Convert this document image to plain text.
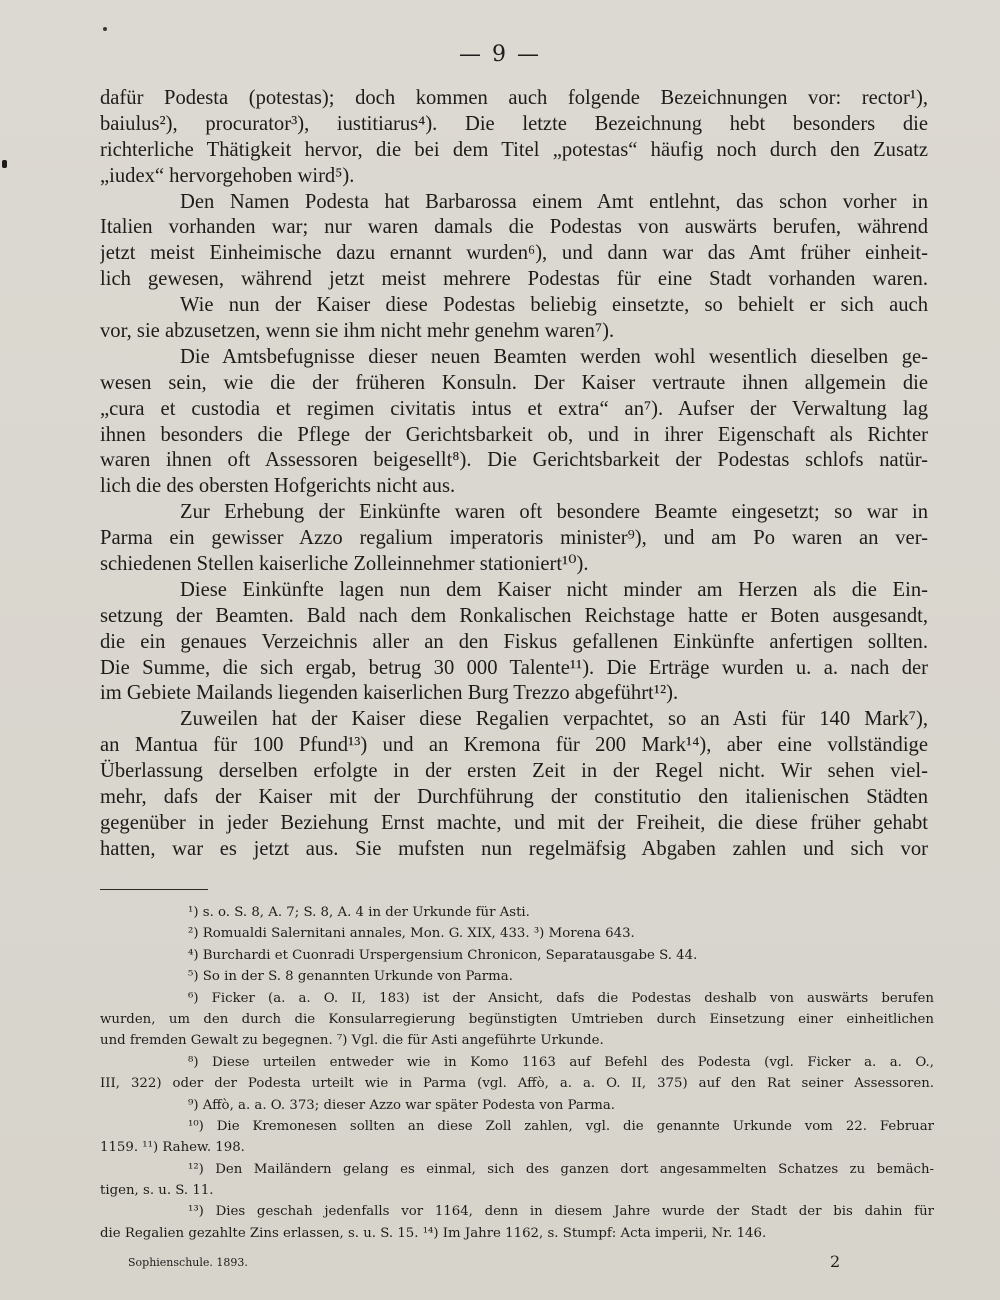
— 9 —
dafür Podesta (potestas); doch kommen auch folgende Bezeichnungen vor: rector¹),
baiulus²), procurator³), iustitiarus⁴). Die letzte Bezeichnung hebt besonders die
richterliche Thätigkeit hervor, die bei dem Titel „potestas“ häufig noch durch den Zusatz
„iudex“ hervorgehoben wird⁵).
Den Namen Podesta hat Barbarossa einem Amt entlehnt, das schon vorher in
Italien vorhanden war; nur waren damals die Podestas von auswärts berufen, während
jetzt meist Einheimische dazu ernannt wurden⁶), und dann war das Amt früher einheit-
lich gewesen, während jetzt meist mehrere Podestas für eine Stadt vorhanden waren.
Wie nun der Kaiser diese Podestas beliebig einsetzte, so behielt er sich auch
vor, sie abzusetzen, wenn sie ihm nicht mehr genehm waren⁷).
Die Amtsbefugnisse dieser neuen Beamten werden wohl wesentlich dieselben ge-
wesen sein, wie die der früheren Konsuln. Der Kaiser vertraute ihnen allgemein die
„cura et custodia et regimen civitatis intus et extra“ an⁷). Aufser der Verwaltung lag
ihnen besonders die Pflege der Gerichtsbarkeit ob, und in ihrer Eigenschaft als Richter
waren ihnen oft Assessoren beigesellt⁸). Die Gerichtsbarkeit der Podestas schlofs natür-
lich die des obersten Hofgerichts nicht aus.
Zur Erhebung der Einkünfte waren oft besondere Beamte eingesetzt; so war in
Parma ein gewisser Azzo regalium imperatoris minister⁹), und am Po waren an ver-
schiedenen Stellen kaiserliche Zolleinnehmer stationiert¹⁰).
Diese Einkünfte lagen nun dem Kaiser nicht minder am Herzen als die Ein-
setzung der Beamten. Bald nach dem Ronkalischen Reichstage hatte er Boten ausgesandt,
die ein genaues Verzeichnis aller an den Fiskus gefallenen Einkünfte anfertigen sollten.
Die Summe, die sich ergab, betrug 30 000 Talente¹¹). Die Erträge wurden u. a. nach der
im Gebiete Mailands liegenden kaiserlichen Burg Trezzo abgeführt¹²).
Zuweilen hat der Kaiser diese Regalien verpachtet, so an Asti für 140 Mark⁷),
an Mantua für 100 Pfund¹³) und an Kremona für 200 Mark¹⁴), aber eine vollständige
Überlassung derselben erfolgte in der ersten Zeit in der Regel nicht. Wir sehen viel-
mehr, dafs der Kaiser mit der Durchführung der constitutio den italienischen Städten
gegenüber in jeder Beziehung Ernst machte, und mit der Freiheit, die diese früher gehabt
hatten, war es jetzt aus. Sie mufsten nun regelmäfsig Abgaben zahlen und sich vor
¹) s. o. S. 8, A. 7; S. 8, A. 4 in der Urkunde für Asti.
²) Romualdi Salernitani annales, Mon. G. XIX, 433. ³) Morena 643.
⁴) Burchardi et Cuonradi Urspergensium Chronicon, Separatausgabe S. 44.
⁵) So in der S. 8 genannten Urkunde von Parma.
⁶) Ficker (a. a. O. II, 183) ist der Ansicht, dafs die Podestas deshalb von auswärts berufen
wurden, um den durch die Konsularregierung begünstigten Umtrieben durch Einsetzung einer einheitlichen
und fremden Gewalt zu begegnen. ⁷) Vgl. die für Asti angeführte Urkunde.
⁸) Diese urteilen entweder wie in Komo 1163 auf Befehl des Podesta (vgl. Ficker a. a. O.,
III, 322) oder der Podesta urteilt wie in Parma (vgl. Affò, a. a. O. II, 375) auf den Rat seiner Assessoren.
⁹) Affò, a. a. O. 373; dieser Azzo war später Podesta von Parma.
¹⁰) Die Kremonesen sollten an diese Zoll zahlen, vgl. die genannte Urkunde vom 22. Februar
1159. ¹¹) Rahew. 198.
¹²) Den Mailändern gelang es einmal, sich des ganzen dort angesammelten Schatzes zu bemäch-
tigen, s. u. S. 11.
¹³) Dies geschah jedenfalls vor 1164, denn in diesem Jahre wurde der Stadt der bis dahin für
die Regalien gezahlte Zins erlassen, s. u. S. 15. ¹⁴) Im Jahre 1162, s. Stumpf: Acta imperii, Nr. 146.
Sophienschule. 1893.	2
